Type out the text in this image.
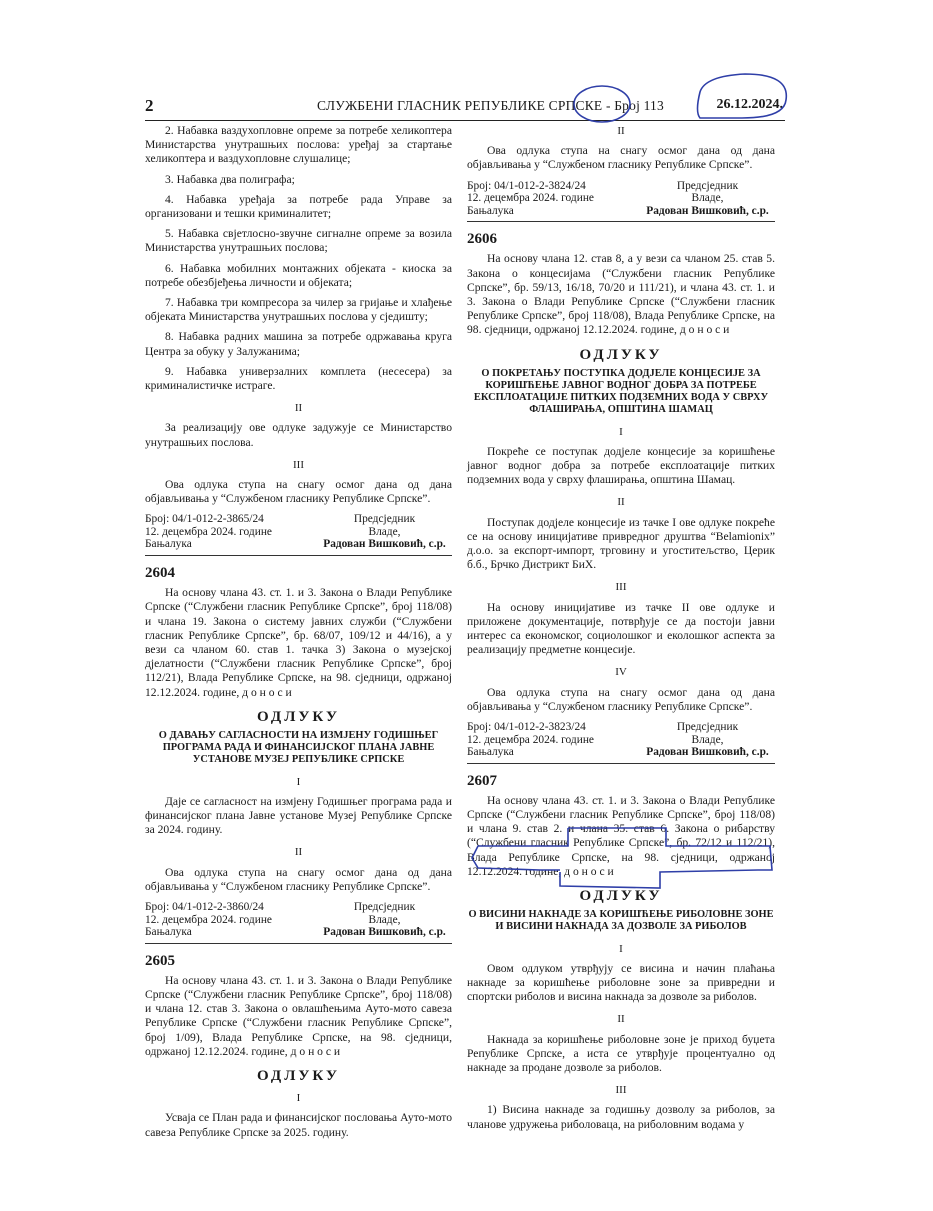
2	СЛУЖБЕНИ ГЛАСНИК РЕПУБЛИКЕ СРПСКЕ - Број 113	26.12.2024.

2. Набавка ваздухопловне опреме за потребе хеликоптера Министарства унутрашњих послова: уређај за стартање хеликоптера и ваздухопловне слушалице;

3. Набавка два полиграфа;

4. Набавка уређаја за потребе рада Управе за организовани и тешки криминалитет;

5. Набавка свјетлосно-звучне сигналне опреме за возила Министарства унутрашњих послова;

6. Набавка мобилних монтажних објеката - киоска за потребе обезбјеђења личности и објеката;

7. Набавка три компресора за чилер за гријање и хлађење објеката Министарства унутрашњих послова у сједишту;

8. Набавка радних машина за потребе одржавања круга Центра за обуку у Залужанима;

9. Набавка универзалних комплета (несесера) за криминалистичке истраге.

II

За реализацију ове одлуке задужује се Министарство унутрашњих послова.

III

Ова одлука ступа на снагу осмог дана од дана објављивања у “Службеном гласнику Републике Српске”.

Број: 04/1-012-2-3865/24
12. децембра 2024. године
Бањалука
Предсједник
Владе,
Радован Вишковић, с.р.
2604

На основу члана 43. ст. 1. и 3. Закона о Влади Републике Српске (“Службени гласник Републике Српске”, број 118/08) и члана 19. Закона о систему јавних служби (“Службени гласник Републике Српске”, бр. 68/07, 109/12 и 44/16), а у вези са чланом 60. став 1. тачка 3) Закона о музејској дјелатности (“Службени гласник Републике Српске”, број 112/21), Влада Републике Српске, на 98. сједници, одржаној 12.12.2024. године, д о н о с и

ОДЛУКУ
О ДАВАЊУ САГЛАСНОСТИ НА ИЗМЈЕНУ ГОДИШЊЕГ ПРОГРАМА РАДА И ФИНАНСИЈСКОГ ПЛАНА ЈАВНЕ УСТАНОВЕ МУЗЕЈ РЕПУБЛИКЕ СРПСКЕ
I

Даје се сагласност на измјену Годишњег програма рада и финансијског плана Јавне установе Музеј Републике Српске за 2024. годину.

II

Ова одлука ступа на снагу осмог дана од дана објављивања у “Службеном гласнику Републике Српске”.

Број: 04/1-012-2-3860/24
12. децембра 2024. године
Бањалука
Предсједник
Владе,
Радован Вишковић, с.р.
2605

На основу члана 43. ст. 1. и 3. Закона о Влади Републике Српске (“Службени гласник Републике Српске”, број 118/08) и члана 12. став 3. Закона о овлашћењима Ауто-мото савеза Републике Српске (“Службени гласник Републике Српске”, број 1/09), Влада Републике Српске, на 98. сједници, одржаној 12.12.2024. године, д о н о с и

ОДЛУКУ
I

Усваја се План рада и финансијског пословања Ауто-мото савеза Републике Српске за 2025. годину.

II

Ова одлука ступа на снагу осмог дана од дана објављивања у “Службеном гласнику Републике Српске”.

Број: 04/1-012-2-3824/24
12. децембра 2024. године
Бањалука
Предсједник
Владе,
Радован Вишковић, с.р.
2606

На основу члана 12. став 8, а у вези са чланом 25. став 5. Закона о концесијама (“Службени гласник Републике Српске”, бр. 59/13, 16/18, 70/20 и 111/21), и члана 43. ст. 1. и 3. Закона о Влади Републике Српске (“Службени гласник Републике Српске”, број 118/08), Влада Републике Српске, на 98. сједници, одржаној 12.12.2024. године, д о н о с и

ОДЛУКУ
О ПОКРЕТАЊУ ПОСТУПКА ДОДЈЕЛЕ КОНЦЕСИЈЕ ЗА КОРИШЋЕЊЕ ЈАВНОГ ВОДНОГ ДОБРА ЗА ПОТРЕБЕ ЕКСПЛОАТАЦИЈЕ ПИТКИХ ПОДЗЕМНИХ ВОДА У СВРХУ ФЛАШИРАЊА, ОПШТИНА ШАМАЦ
I

Покреће се поступак додјеле концесије за коришћење јавног водног добра за потребе експлоатације питких подземних вода у сврху флаширања, општина Шамац.

II

Поступак додјеле концесије из тачке I ове одлуке покреће се на основу иницијативе привредног друштва “Belamionix” д.о.о. за експорт-импорт, трговину и угоститељство, Церик б.б., Брчко Дистрикт БиХ.

III

На основу иницијативе из тачке II ове одлуке и приложене документације, потврђује се да постоји јавни интерес са економског, социолошког и еколошког аспекта за реализацију предметне концесије.

IV

Ова одлука ступа на снагу осмог дана од дана објављивања у “Службеном гласнику Републике Српске”.

Број: 04/1-012-2-3823/24
12. децембра 2024. године
Бањалука
Предсједник
Владе,
Радован Вишковић, с.р.
2607

На основу члана 43. ст. 1. и 3. Закона о Влади Републике Српске (“Службени гласник Републике Српске”, број 118/08) и члана 9. став 2. и члана 35. став 6. Закона о рибарству (“Службени гласник Републике Српске”, бр. 72/12 и 112/21), Влада Републике Српске, на 98. сједници, одржаној 12.12.2024. године, д о н о с и

ОДЛУКУ
О ВИСИНИ НАКНАДЕ ЗА КОРИШЋЕЊЕ РИБОЛОВНЕ ЗОНЕ И ВИСИНИ НАКНАДА ЗА ДОЗВОЛЕ ЗА РИБОЛОВ
I

Овом одлуком утврђују се висина и начин плаћања накнаде за коришћење риболовне зоне за привредни и спортски риболов и висина накнада за дозволе за риболов.

II

Накнада за коришћење риболовне зоне је приход буџета Републике Српске, а иста се утврђује процентуално од накнаде за продане дозволе за риболов.

III

1) Висина накнаде за годишњу дозволу за риболов, за чланове удружења риболоваца, на риболовним водама у
